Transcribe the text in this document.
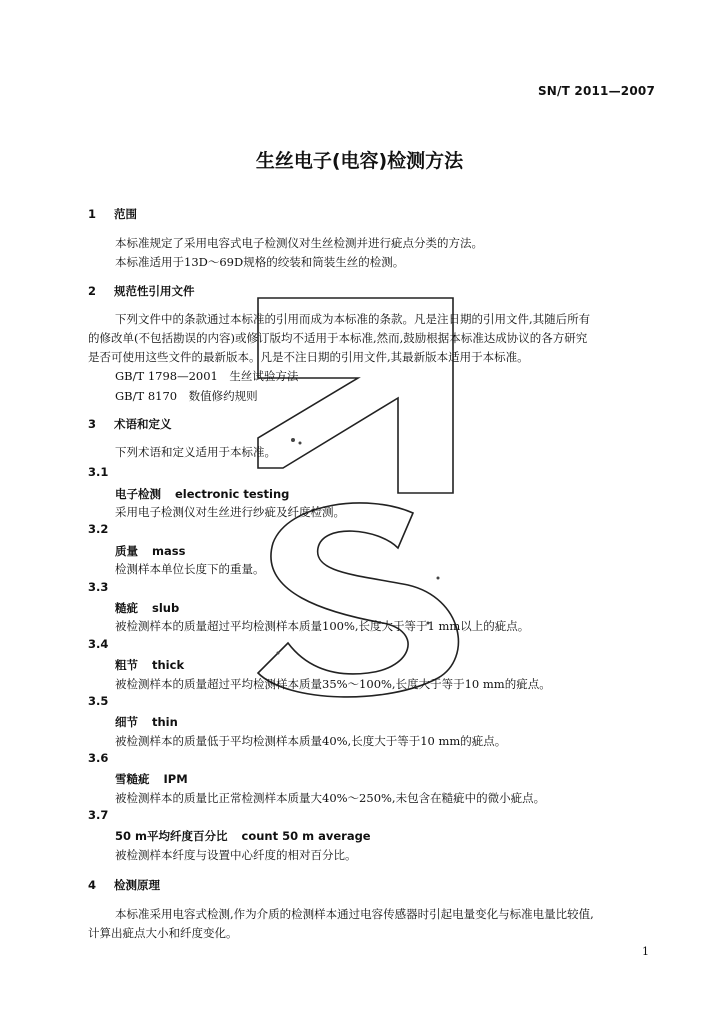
SN/T 2011—2007
生丝电子(电容)检测方法
1 范围
本标准规定了采用电容式电子检测仪对生丝检测并进行疵点分类的方法。
本标准适用于13D～69D规格的绞装和筒装生丝的检测。
2 规范性引用文件
下列文件中的条款通过本标准的引用而成为本标准的条款。凡是注日期的引用文件,其随后所有
的修改单(不包括勘误的内容)或修订版均不适用于本标准,然而,鼓励根据本标准达成协议的各方研究
是否可使用这些文件的最新版本。凡是不注日期的引用文件,其最新版本适用于本标准。
GB/T 1798—2001　生丝试验方法
GB/T 8170　数值修约规则
3 术语和定义
下列术语和定义适用于本标准。
3.1
电子检测 electronic testing
采用电子检测仪对生丝进行纱疵及纤度检测。
3.2
质量 mass
检测样本单位长度下的重量。
3.3
糙疵 slub
被检测样本的质量超过平均检测样本质量100%,长度大于等于1 mm以上的疵点。
3.4
粗节 thick
被检测样本的质量超过平均检测样本质量35%～100%,长度大于等于10 mm的疵点。
3.5
细节 thin
被检测样本的质量低于平均检测样本质量40%,长度大于等于10 mm的疵点。
3.6
雪糙疵 IPM
被检测样本的质量比正常检测样本质量大40%～250%,未包含在糙疵中的微小疵点。
3.7
50 m平均纤度百分比 count 50 m average
被检测样本纤度与设置中心纤度的相对百分比。
4 检测原理
本标准采用电容式检测,作为介质的检测样本通过电容传感器时引起电量变化与标准电量比较值,
计算出疵点大小和纤度变化。
1
